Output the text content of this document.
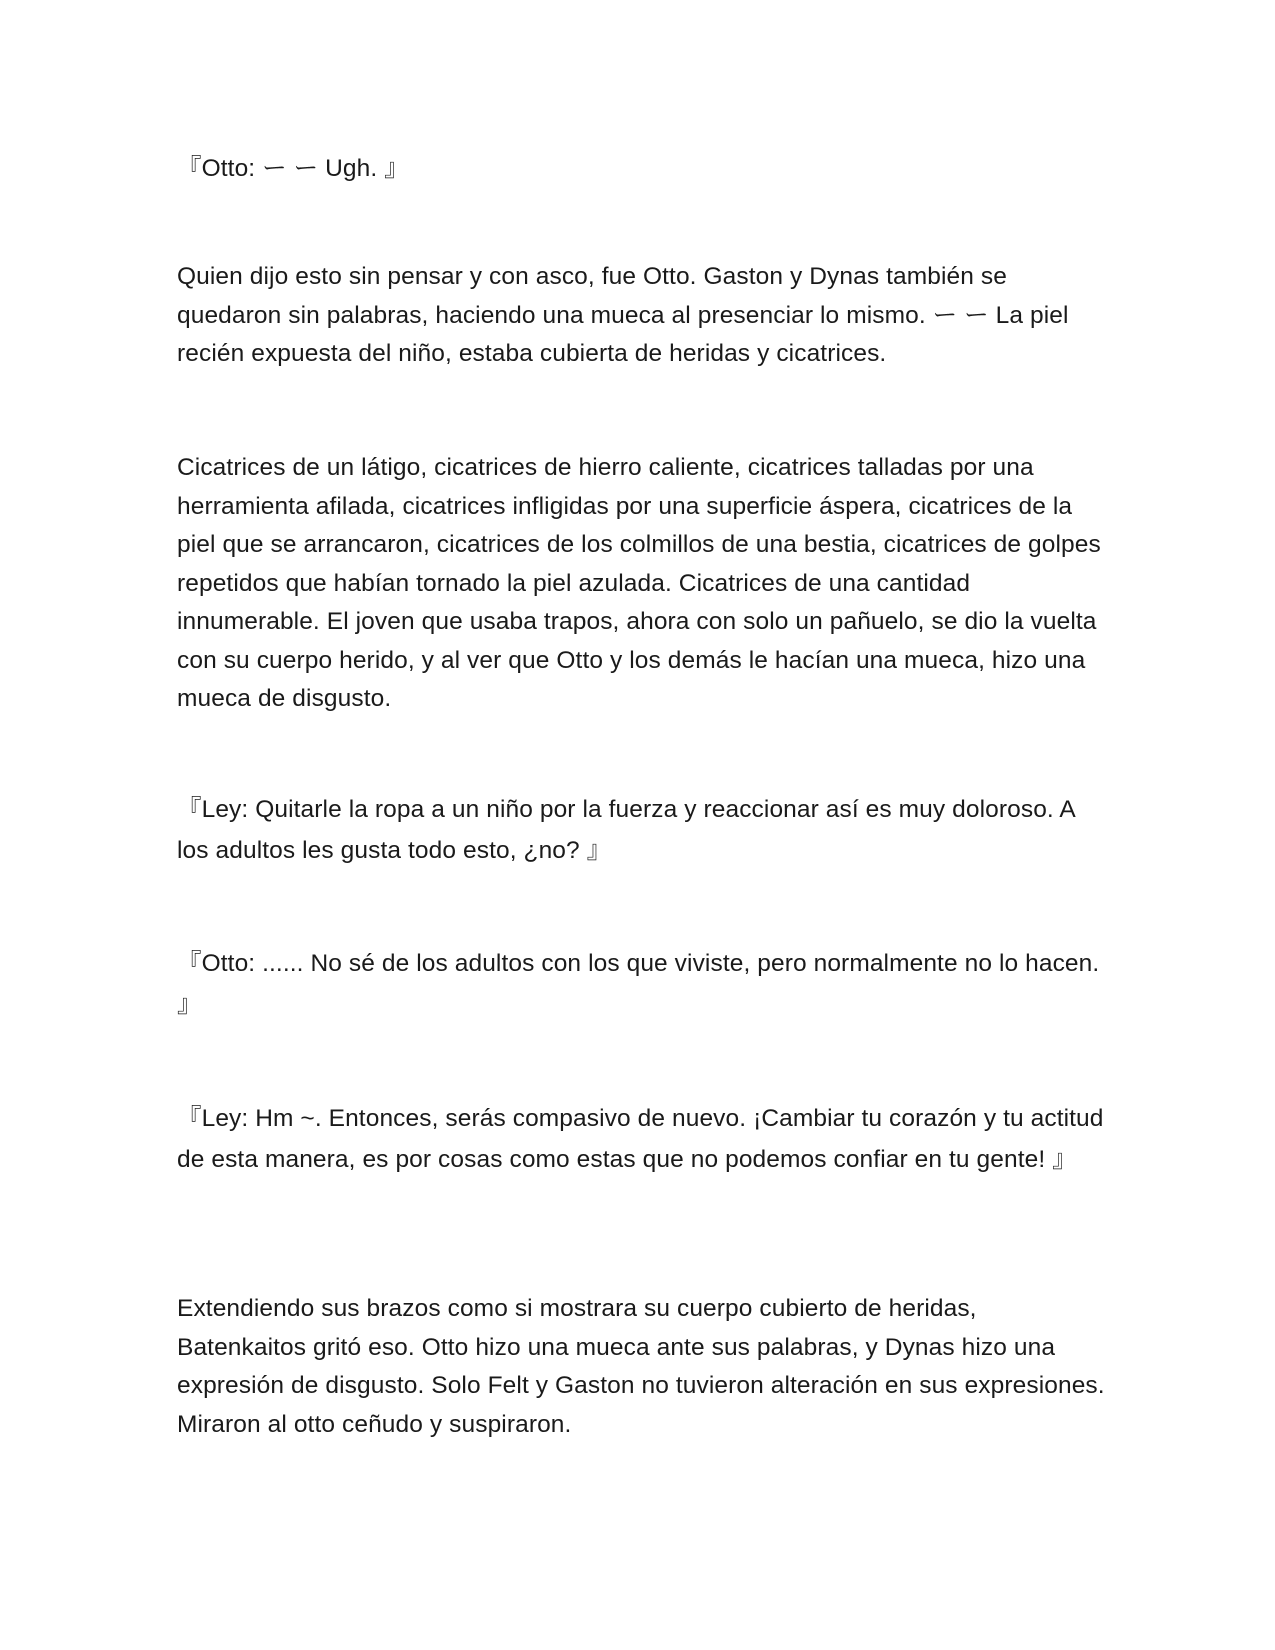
『Otto: ー ー Ugh. 』

Quien dijo esto sin pensar y con asco, fue Otto. Gaston y Dynas también se quedaron sin palabras, haciendo una mueca al presenciar lo mismo. ー ー La piel recién expuesta del niño, estaba cubierta de heridas y cicatrices.

Cicatrices de un látigo, cicatrices de hierro caliente, cicatrices talladas por una herramienta afilada, cicatrices infligidas por una superficie áspera, cicatrices de la piel que se arrancaron, cicatrices de los colmillos de una bestia, cicatrices de golpes repetidos que habían tornado la piel azulada. Cicatrices de una cantidad innumerable. El joven que usaba trapos, ahora con solo un pañuelo, se dio la vuelta con su cuerpo herido, y al ver que Otto y los demás le hacían una mueca, hizo una mueca de disgusto.

『Ley: Quitarle la ropa a un niño por la fuerza y reaccionar así es muy doloroso. A los adultos les gusta todo esto, ¿no? 』

『Otto: ...... No sé de los adultos con los que viviste, pero normalmente no lo hacen. 』

『Ley: Hm ~. Entonces, serás compasivo de nuevo. ¡Cambiar tu corazón y tu actitud de esta manera, es por cosas como estas que no podemos confiar en tu gente! 』

Extendiendo sus brazos como si mostrara su cuerpo cubierto de heridas, Batenkaitos gritó eso. Otto hizo una mueca ante sus palabras, y Dynas hizo una expresión de disgusto. Solo Felt y Gaston no tuvieron alteración en sus expresiones. Miraron al otto ceñudo y suspiraron.
